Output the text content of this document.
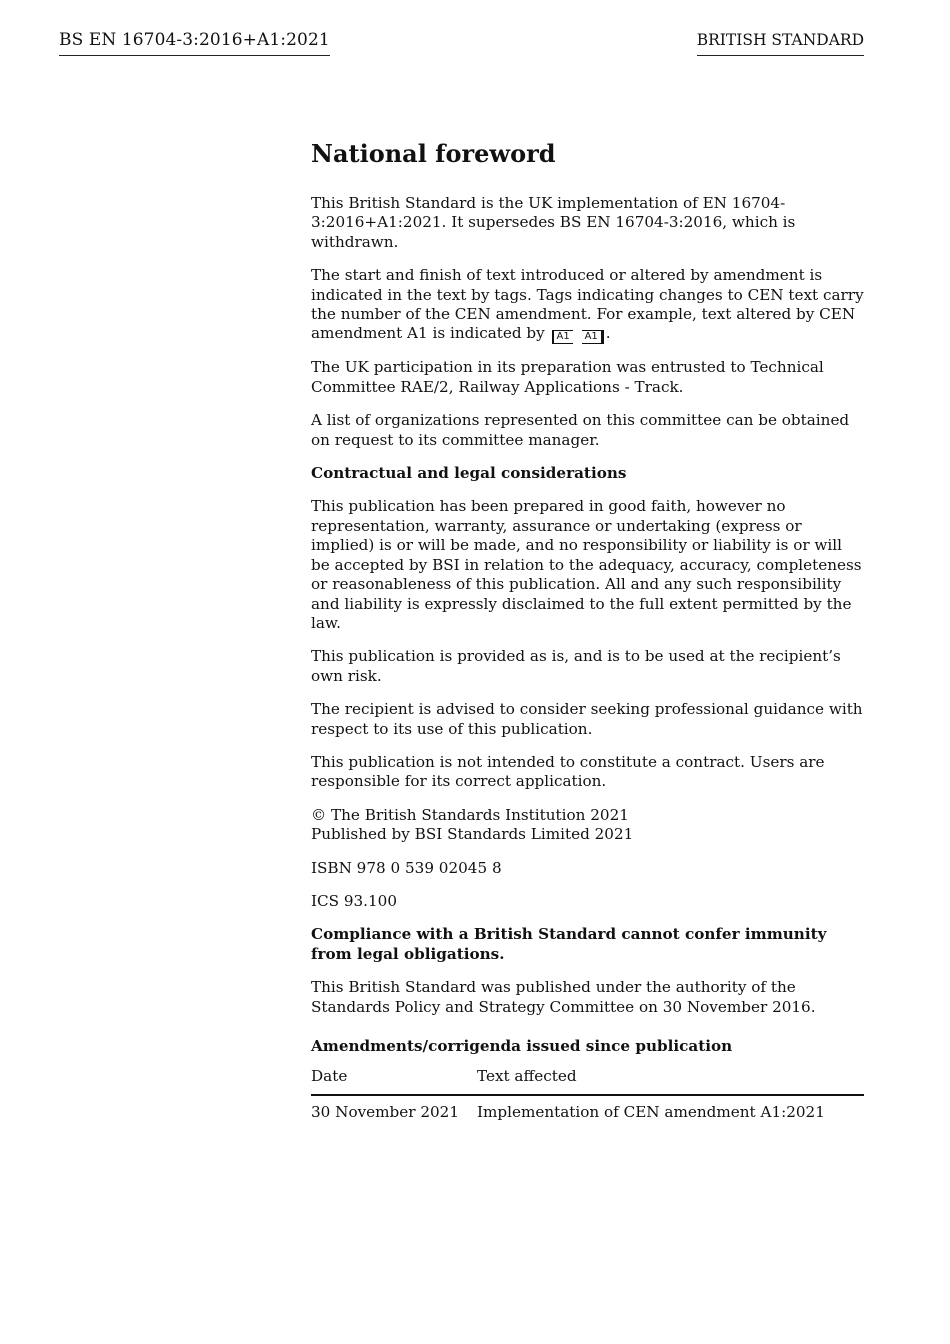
BS EN 16704-3:2016+A1:2021	BRITISH STANDARD
National foreword

This British Standard is the UK implementation of EN 16704-3:2016+A1:2021. It supersedes BS EN 16704-3:2016, which is withdrawn.

The start and finish of text introduced or altered by amendment is indicated in the text by tags. Tags indicating changes to CEN text carry the number of the CEN amendment. For example, text altered by CEN amendment A1 is indicated by A1 A1 .

The UK participation in its preparation was entrusted to Technical Committee RAE/2, Railway Applications - Track.

A list of organizations represented on this committee can be obtained on request to its committee manager.

Contractual and legal considerations

This publication has been prepared in good faith, however no representation, warranty, assurance or undertaking (express or implied) is or will be made, and no responsibility or liability is or will be accepted by BSI in relation to the adequacy, accuracy, completeness or reasonableness of this publication. All and any such responsibility and liability is expressly disclaimed to the full extent permitted by the law.

This publication is provided as is, and is to be used at the recipient’s own risk.

The recipient is advised to consider seeking professional guidance with respect to its use of this publication.

This publication is not intended to constitute a contract. Users are responsible for its correct application.

© The British Standards Institution 2021
Published by BSI Standards Limited 2021

ISBN 978 0 539 02045 8

ICS 93.100

Compliance with a British Standard cannot confer immunity from legal obligations.

This British Standard was published under the authority of the Standards Policy and Strategy Committee on 30 November 2016.

Amendments/corrigenda issued since publication

Date	Text affected
30 November 2021	Implementation of CEN amendment A1:2021
